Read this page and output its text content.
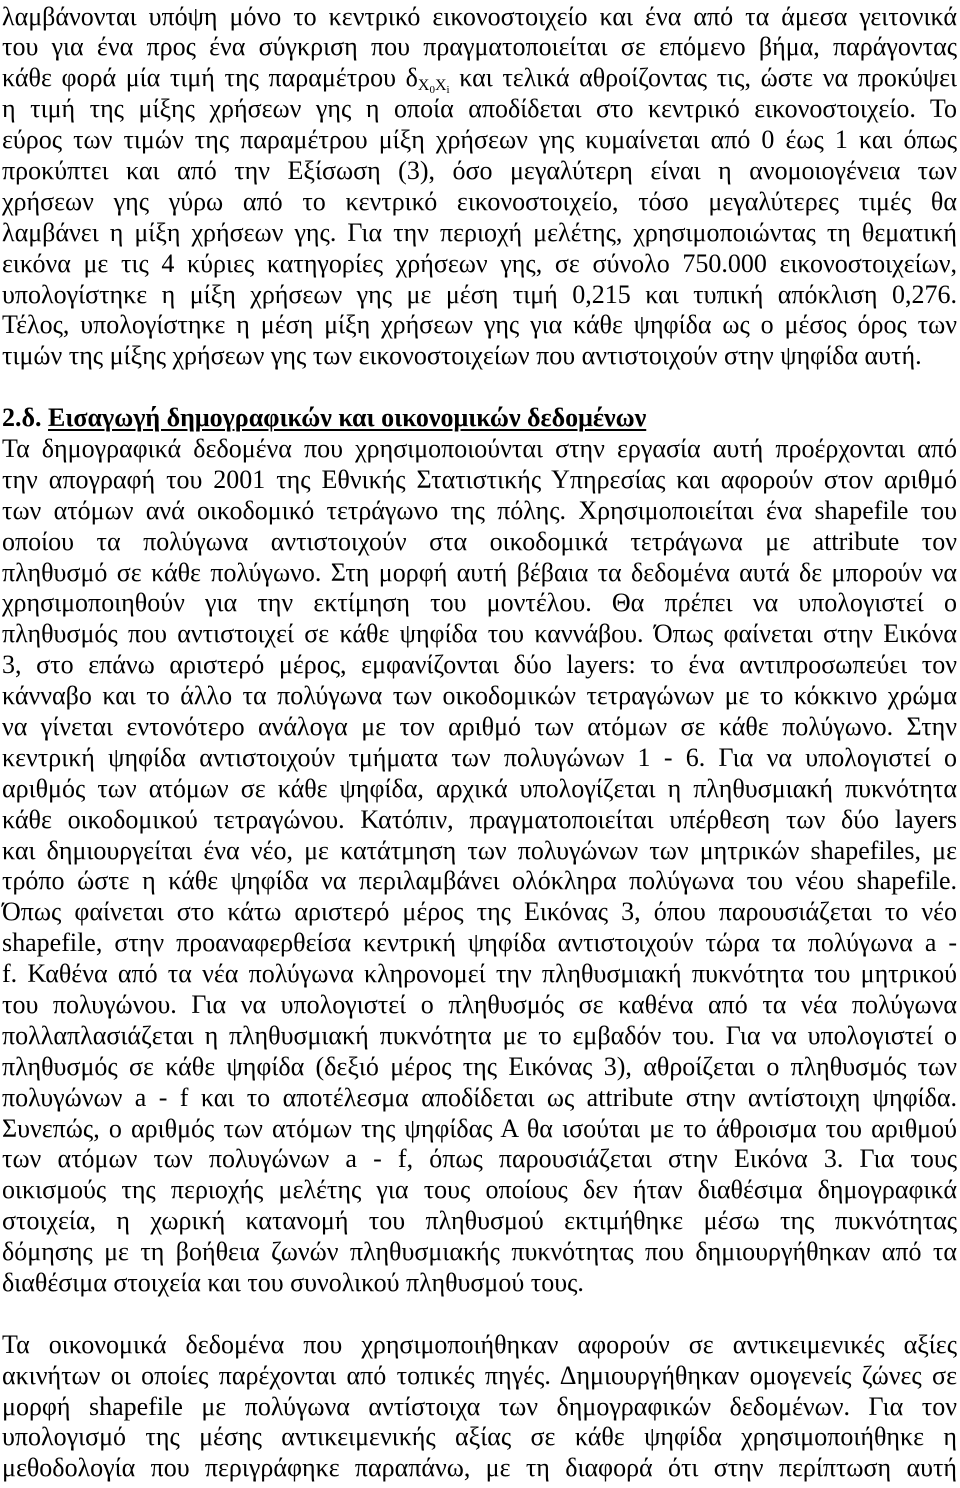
λαμβάνονται υπόψη μόνο το κεντρικό εικονοστοιχείο και ένα από τα άμεσα γειτονικά
του για ένα προς ένα σύγκριση που πραγματοποιείται σε επόμενο βήμα, παράγοντας
κάθε φορά μία τιμή της παραμέτρου $\delta X_0X_i$ και τελικά αθροίζοντας τις, ώστε να προκύψει
η τιμή της μίξης χρήσεων γης η οποία αποδίδεται στο κεντρικό εικονοστοιχείο. Το
εύρος των τιμών της παραμέτρου μίξη χρήσεων γης κυμαίνεται από 0 έως 1 και όπως
προκύπτει και από την Εξίσωση (3), όσο μεγαλύτερη είναι η ανομοιογένεια των
χρήσεων γης γύρω από το κεντρικό εικονοστοιχείο, τόσο μεγαλύτερες τιμές θα
λαμβάνει η μίξη χρήσεων γης. Για την περιοχή μελέτης, χρησιμοποιώντας τη θεματική
εικόνα με τις 4 κύριες κατηγορίες χρήσεων γης, σε σύνολο 750.000 εικονοστοιχείων,
υπολογίστηκε η μίξη χρήσεων γης με μέση τιμή 0,215 και τυπική απόκλιση 0,276.
Τέλος, υπολογίστηκε η μέση μίξη χρήσεων γης για κάθε ψηφίδα ως ο μέσος όρος των
τιμών της μίξης χρήσεων γης των εικονοστοιχείων που αντιστοιχούν στην ψηφίδα αυτή.
2.δ. Εισαγωγή δημογραφικών και οικονομικών δεδομένων
Τα δημογραφικά δεδομένα που χρησιμοποιούνται στην εργασία αυτή προέρχονται από
την απογραφή του 2001 της Εθνικής Στατιστικής Υπηρεσίας και αφορούν στον αριθμό
των ατόμων ανά οικοδομικό τετράγωνο της πόλης. Χρησιμοποιείται ένα shapefile του
οποίου τα πολύγωνα αντιστοιχούν στα οικοδομικά τετράγωνα με attribute τον
πληθυσμό σε κάθε πολύγωνο. Στη μορφή αυτή βέβαια τα δεδομένα αυτά δε μπορούν να
χρησιμοποιηθούν για την εκτίμηση του μοντέλου. Θα πρέπει να υπολογιστεί ο
πληθυσμός που αντιστοιχεί σε κάθε ψηφίδα του καννάβου. Όπως φαίνεται στην Εικόνα
3, στο επάνω αριστερό μέρος, εμφανίζονται δύο layers: το ένα αντιπροσωπεύει τον
κάνναβο και το άλλο τα πολύγωνα των οικοδομικών τετραγώνων με το κόκκινο χρώμα
να γίνεται εντονότερο ανάλογα με τον αριθμό των ατόμων σε κάθε πολύγωνο. Στην
κεντρική ψηφίδα αντιστοιχούν τμήματα των πολυγώνων 1 - 6. Για να υπολογιστεί ο
αριθμός των ατόμων σε κάθε ψηφίδα, αρχικά υπολογίζεται η πληθυσμιακή πυκνότητα
κάθε οικοδομικού τετραγώνου. Κατόπιν, πραγματοποιείται υπέρθεση των δύο layers
και δημιουργείται ένα νέο, με κατάτμηση των πολυγώνων των μητρικών shapefiles, με
τρόπο ώστε η κάθε ψηφίδα να περιλαμβάνει ολόκληρα πολύγωνα του νέου shapefile.
Όπως φαίνεται στο κάτω αριστερό μέρος της Εικόνας 3, όπου παρουσιάζεται το νέο
shapefile, στην προαναφερθείσα κεντρική ψηφίδα αντιστοιχούν τώρα τα πολύγωνα a -
f. Καθένα από τα νέα πολύγωνα κληρονομεί την πληθυσμιακή πυκνότητα του μητρικού
του πολυγώνου. Για να υπολογιστεί ο πληθυσμός σε καθένα από τα νέα πολύγωνα
πολλαπλασιάζεται η πληθυσμιακή πυκνότητα με το εμβαδόν του. Για να υπολογιστεί ο
πληθυσμός σε κάθε ψηφίδα (δεξιό μέρος της Εικόνας 3), αθροίζεται ο πληθυσμός των
πολυγώνων a - f και το αποτέλεσμα αποδίδεται ως attribute στην αντίστοιχη ψηφίδα.
Συνεπώς, ο αριθμός των ατόμων της ψηφίδας Α θα ισούται με το άθροισμα του αριθμού
των ατόμων των πολυγώνων a - f, όπως παρουσιάζεται στην Εικόνα 3. Για τους
οικισμούς της περιοχής μελέτης για τους οποίους δεν ήταν διαθέσιμα δημογραφικά
στοιχεία, η χωρική κατανομή του πληθυσμού εκτιμήθηκε μέσω της πυκνότητας
δόμησης με τη βοήθεια ζωνών πληθυσμιακής πυκνότητας που δημιουργήθηκαν από τα
διαθέσιμα στοιχεία και του συνολικού πληθυσμού τους.
Τα οικονομικά δεδομένα που χρησιμοποιήθηκαν αφορούν σε αντικειμενικές αξίες
ακινήτων οι οποίες παρέχονται από τοπικές πηγές. Δημιουργήθηκαν ομογενείς ζώνες σε
μορφή shapefile με πολύγωνα αντίστοιχα των δημογραφικών δεδομένων. Για τον
υπολογισμό της μέσης αντικειμενικής αξίας σε κάθε ψηφίδα χρησιμοποιήθηκε η
μεθοδολογία που περιγράφηκε παραπάνω, με τη διαφορά ότι στην περίπτωση αυτή
